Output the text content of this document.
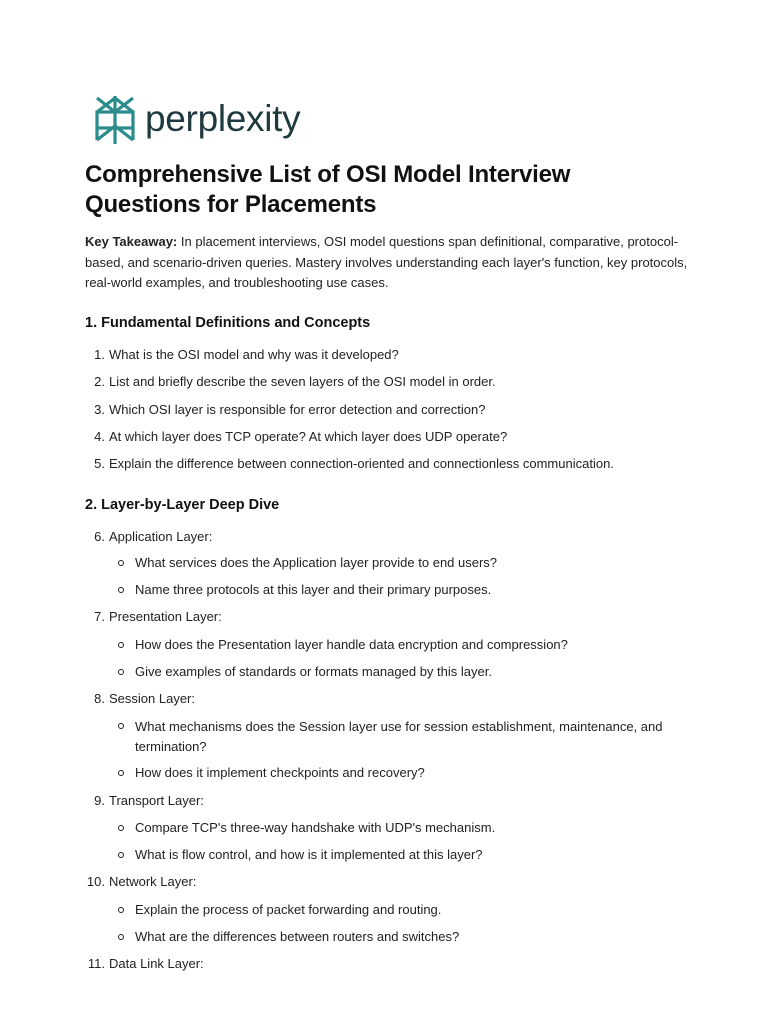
perplexity
Comprehensive List of OSI Model Interview Questions for Placements
Key Takeaway: In placement interviews, OSI model questions span definitional, comparative, protocol-based, and scenario-driven queries. Mastery involves understanding each layer's function, key protocols, real-world examples, and troubleshooting use cases.
1. Fundamental Definitions and Concepts
1. What is the OSI model and why was it developed?
2. List and briefly describe the seven layers of the OSI model in order.
3. Which OSI layer is responsible for error detection and correction?
4. At which layer does TCP operate? At which layer does UDP operate?
5. Explain the difference between connection-oriented and connectionless communication.
2. Layer-by-Layer Deep Dive
6. Application Layer:
What services does the Application layer provide to end users?
Name three protocols at this layer and their primary purposes.
7. Presentation Layer:
How does the Presentation layer handle data encryption and compression?
Give examples of standards or formats managed by this layer.
8. Session Layer:
What mechanisms does the Session layer use for session establishment, maintenance, and termination?
How does it implement checkpoints and recovery?
9. Transport Layer:
Compare TCP's three-way handshake with UDP's mechanism.
What is flow control, and how is it implemented at this layer?
10. Network Layer:
Explain the process of packet forwarding and routing.
What are the differences between routers and switches?
11. Data Link Layer:
